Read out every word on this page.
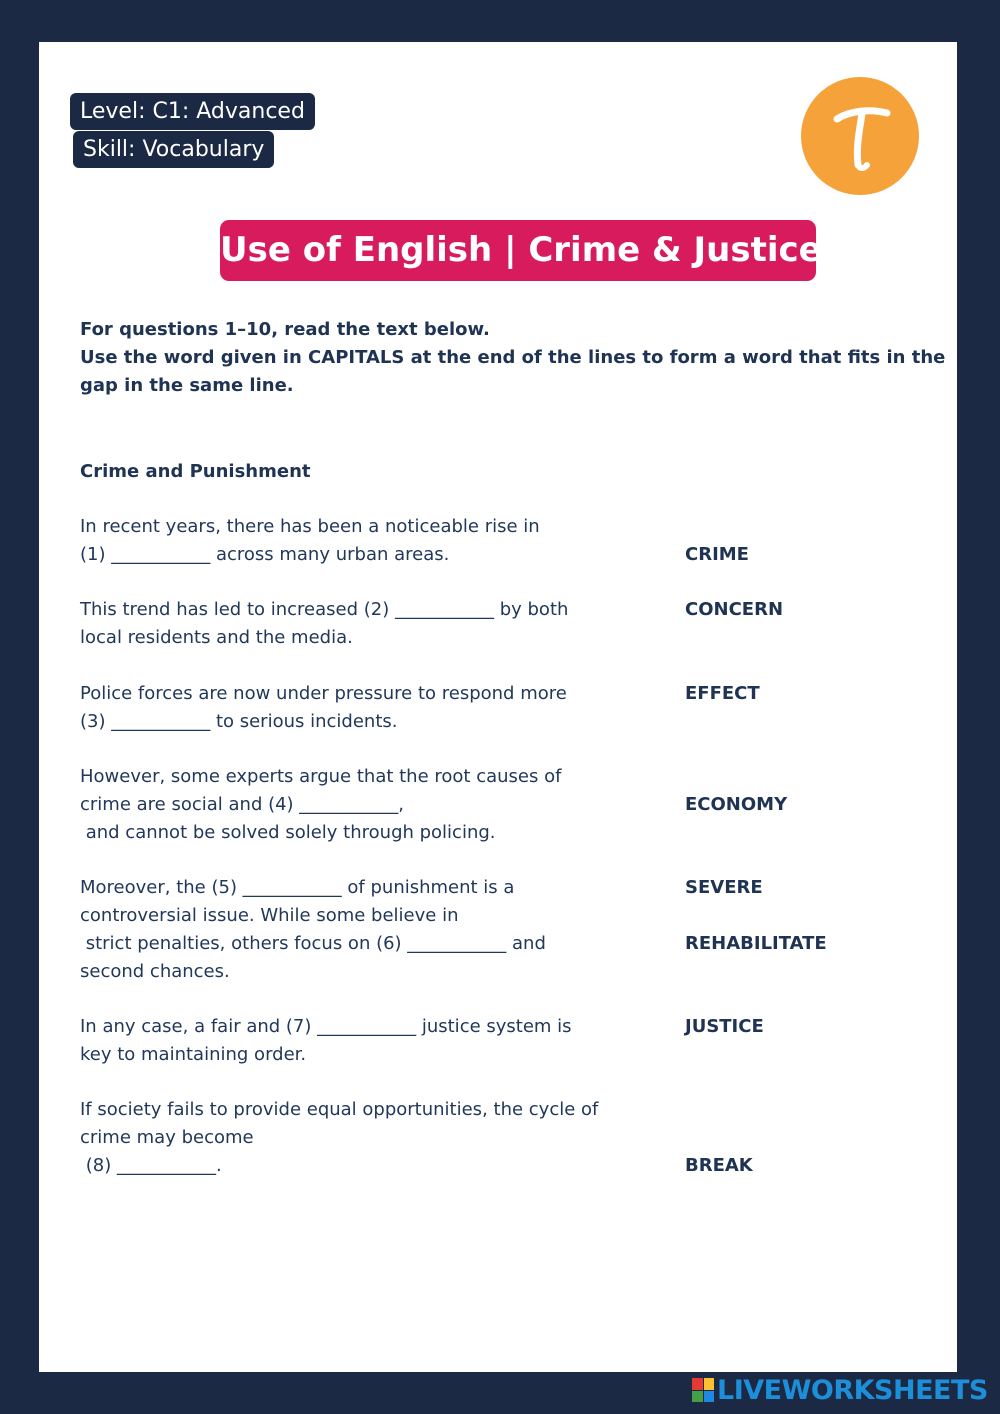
Level: C1: Advanced
Skill: Vocabulary
Use of English | Crime & Justice
For questions 1–10, read the text below.
Use the word given in CAPITALS at the end of the lines to form a word that fits in the
gap in the same line.
Crime and Punishment
In recent years, there has been a noticeable rise in
(1) ___________ across many urban areas.	CRIME
This trend has led to increased (2) ___________ by both	CONCERN
local residents and the media.
Police forces are now under pressure to respond more	EFFECT
(3) ___________ to serious incidents.
However, some experts argue that the root causes of
crime are social and (4) ___________,	ECONOMY
and cannot be solved solely through policing.
Moreover, the (5) ___________ of punishment is a	SEVERE
controversial issue. While some believe in
strict penalties, others focus on (6) ___________ and	REHABILITATE
second chances.
In any case, a fair and (7) ___________ justice system is	JUSTICE
key to maintaining order.
If society fails to provide equal opportunities, the cycle of
crime may become
(8) ___________.	BREAK
LIVEWORKSHEETS
